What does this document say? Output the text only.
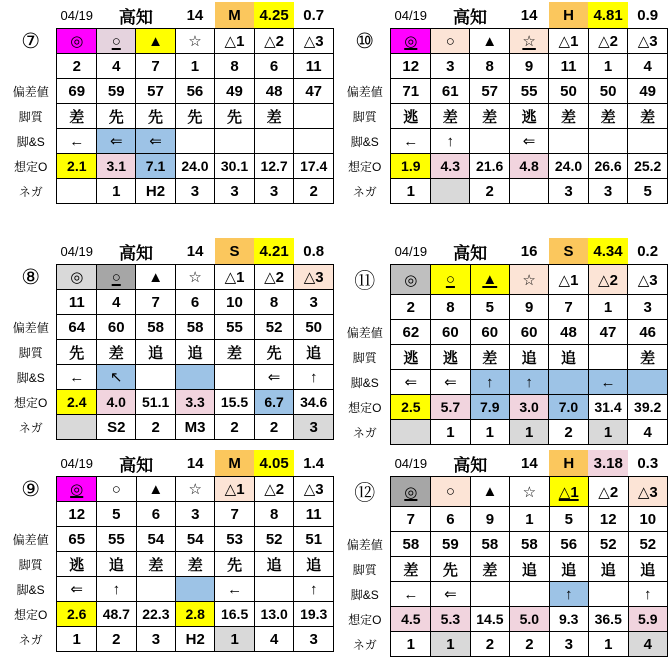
	04/19	高知		14	M	4.25	0.7
⑦	◎	○	▲	☆	△1	△2	△3
	2	4	7	1	8	6	11
偏差値	69	59	57	56	49	48	47
脚質	差	先	先	先	先	差	
脚&S	←	⇐	⇐				
想定O	2.1	3.1	7.1	24.0	30.1	12.7	17.4
ネガ		1	H2	3	3	3	2
	04/19	高知		14	H	4.81	0.9
⑩	◎	○	▲	☆	△1	△2	△3
	12	3	8	9	11	1	4
偏差値	71	61	57	55	50	50	49
脚質	逃	差	差	逃	差	差	差
脚&S	←	↑		⇐			
想定O	1.9	4.3	21.6	4.8	24.0	26.6	25.2
ネガ	1		2		3	3	5
	04/19	高知		14	S	4.21	0.8
⑧	◎	○	▲	☆	△1	△2	△3
	11	4	7	6	10	8	3
偏差値	64	60	58	58	55	52	50
脚質	先	差	追	追	差	先	追
脚&S	←	↖				⇐	↑
想定O	2.4	4.0	51.1	3.3	15.5	6.7	34.6
ネガ		S2	2	M3	2	2	3
	04/19	高知		16	S	4.34	0.2
⑪	◎	○	▲	☆	△1	△2	△3
	2	8	5	9	7	1	3
偏差値	62	60	60	60	48	47	46
脚質	逃	逃	差	追	追		差
脚&S	⇐	⇐	↑	↑		←	
想定O	2.5	5.7	7.9	3.0	7.0	31.4	39.2
ネガ		1	1	1	2	1	4
	04/19	高知		14	M	4.05	1.4
⑨	◎	○	▲	☆	△1	△2	△3
	12	5	6	3	7	8	11
偏差値	65	55	54	54	53	52	51
脚質	逃	追	差	差	先	追	追
脚&S	⇐	↑			←		↑
想定O	2.6	48.7	22.3	2.8	16.5	13.0	19.3
ネガ	1	2	3	H2	1	4	3
	04/19	高知		14	H	3.18	0.3
⑫	◎	○	▲	☆	△1	△2	△3
	7	6	9	1	5	12	10
偏差値	58	59	58	58	56	52	52
脚質	差	先	差	追	追	追	追
脚&S	←	⇐			↑		↑
想定O	4.5	5.3	14.5	5.0	9.3	36.5	5.9
ネガ	1	1	2	2	3	1	4
